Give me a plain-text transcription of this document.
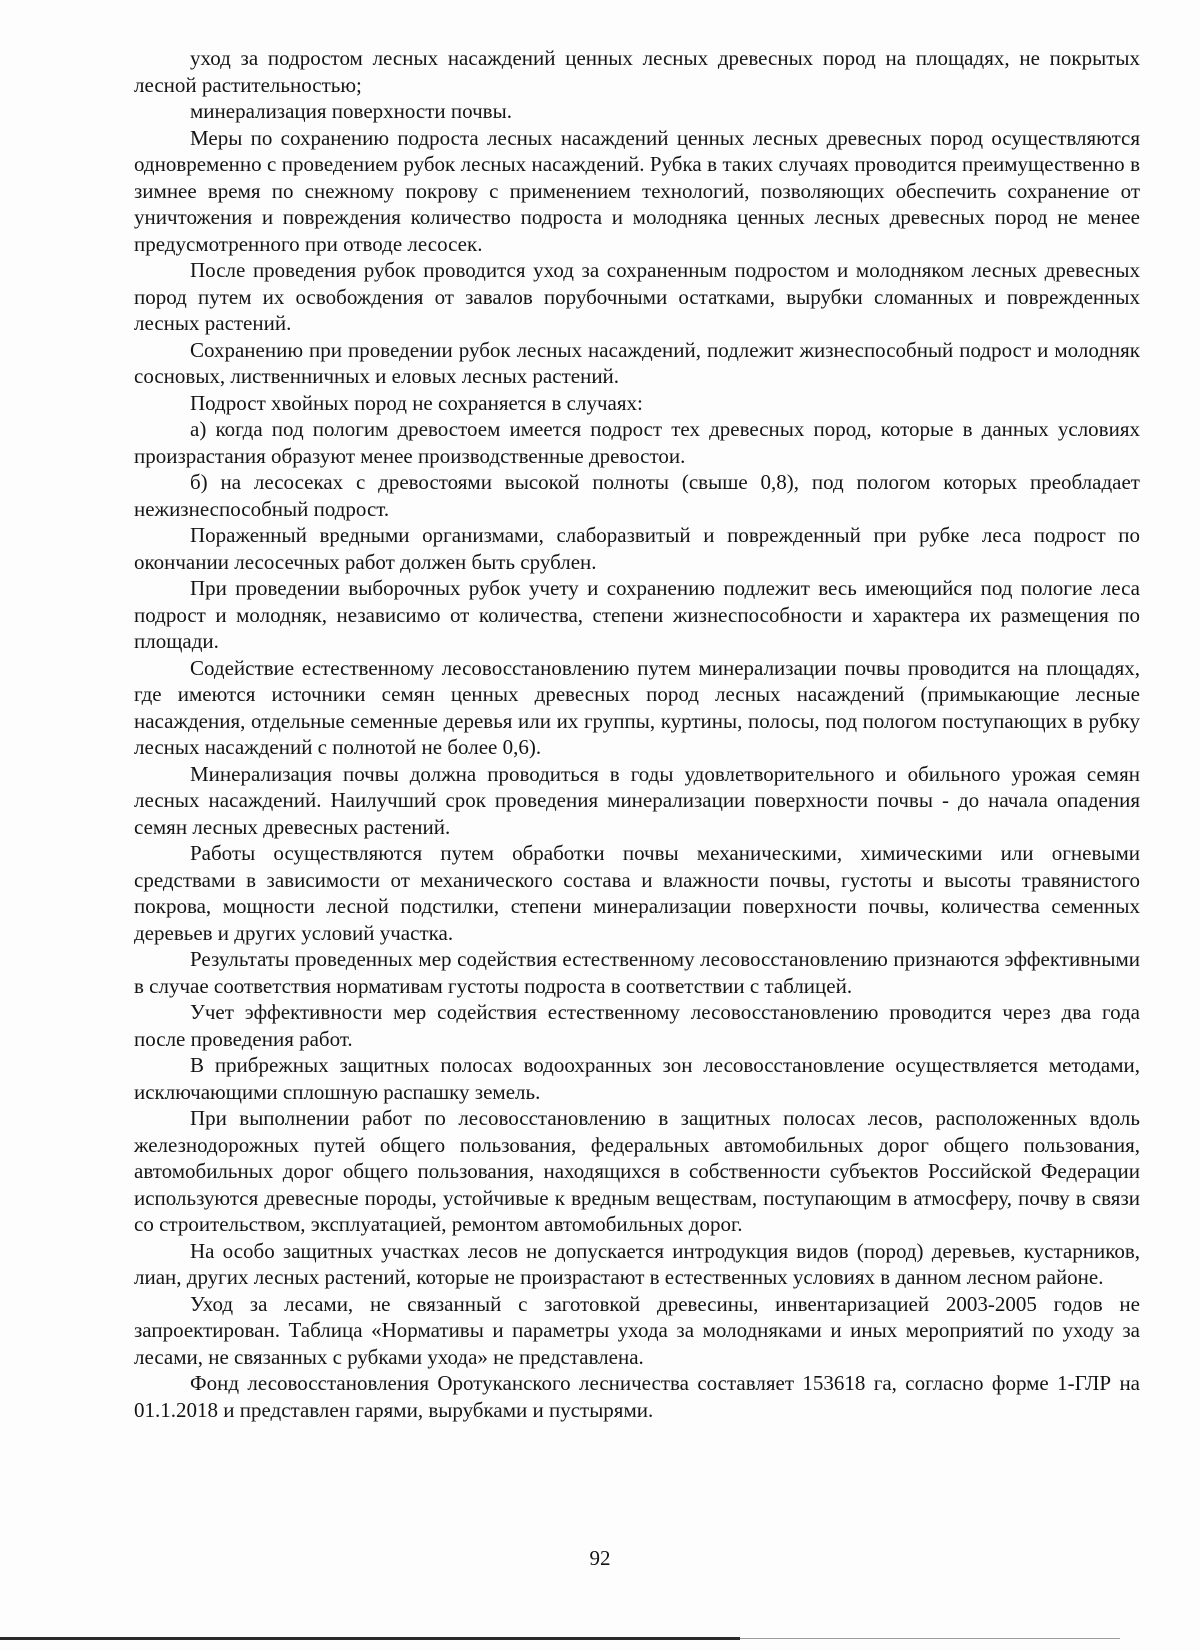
уход за подростом лесных насаждений ценных лесных древесных пород на площадях, не покрытых лесной растительностью;

минерализация поверхности почвы.

Меры по сохранению подроста лесных насаждений ценных лесных древесных пород осуществляются одновременно с проведением рубок лесных насаждений. Рубка в таких случаях проводится преимущественно в зимнее время по снежному покрову с применением технологий, позволяющих обеспечить сохранение от уничтожения и повреждения количество подроста и молодняка ценных лесных древесных пород не менее предусмотренного при отводе лесосек.

После проведения рубок проводится уход за сохраненным подростом и молодняком лесных древесных пород путем их освобождения от завалов порубочными остатками, вырубки сломанных и поврежденных лесных растений.

Сохранению при проведении рубок лесных насаждений, подлежит жизнеспособный подрост и молодняк сосновых, лиственничных и еловых лесных растений.

Подрост хвойных пород не сохраняется в случаях:

а) когда под пологим древостоем имеется подрост тех древесных пород, которые в данных условиях произрастания образуют менее производственные древостои.

б) на лесосеках с древостоями высокой полноты (свыше 0,8), под пологом которых преобладает нежизнеспособный подрост.

Пораженный вредными организмами, слаборазвитый и поврежденный при рубке леса подрост по окончании лесосечных работ должен быть срублен.

При проведении выборочных рубок учету и сохранению подлежит весь имеющийся под пологие леса подрост и молодняк, независимо от количества, степени жизнеспособности и характера их размещения по площади.

Содействие естественному лесовосстановлению путем минерализации почвы проводится на площадях, где имеются источники семян ценных древесных пород лесных насаждений (примыкающие лесные насаждения, отдельные семенные деревья или их группы, куртины, полосы, под пологом поступающих в рубку лесных насаждений с полнотой не более 0,6).

Минерализация почвы должна проводиться в годы удовлетворительного и обильного урожая семян лесных насаждений. Наилучший срок проведения минерализации поверхности почвы - до начала опадения семян лесных древесных растений.

Работы осуществляются путем обработки почвы механическими, химическими или огневыми средствами в зависимости от механического состава и влажности почвы, густоты и высоты травянистого покрова, мощности лесной подстилки, степени минерализации поверхности почвы, количества семенных деревьев и других условий участка.

Результаты проведенных мер содействия естественному лесовосстановлению признаются эффективными в случае соответствия нормативам густоты подроста в соответствии с таблицей.

Учет эффективности мер содействия естественному лесовосстановлению проводится через два года после проведения работ.

В прибрежных защитных полосах водоохранных зон лесовосстановление осуществляется методами, исключающими сплошную распашку земель.

При выполнении работ по лесовосстановлению в защитных полосах лесов, расположенных вдоль железнодорожных путей общего пользования, федеральных автомобильных дорог общего пользования, автомобильных дорог общего пользования, находящихся в собственности субъектов Российской Федерации используются древесные породы, устойчивые к вредным веществам, поступающим в атмосферу, почву в связи со строительством, эксплуатацией, ремонтом автомобильных дорог.

На особо защитных участках лесов не допускается интродукция видов (пород) деревьев, кустарников, лиан, других лесных растений, которые не произрастают в естественных условиях в данном лесном районе.

Уход за лесами, не связанный с заготовкой древесины, инвентаризацией 2003-2005 годов не запроектирован. Таблица «Нормативы и параметры ухода за молодняками и иных мероприятий по уходу за лесами, не связанных с рубками ухода» не представлена.

Фонд лесовосстановления Оротуканского лесничества составляет 153618 га, согласно форме 1-ГЛР на 01.1.2018 и представлен гарями, вырубками и пустырями.

92
